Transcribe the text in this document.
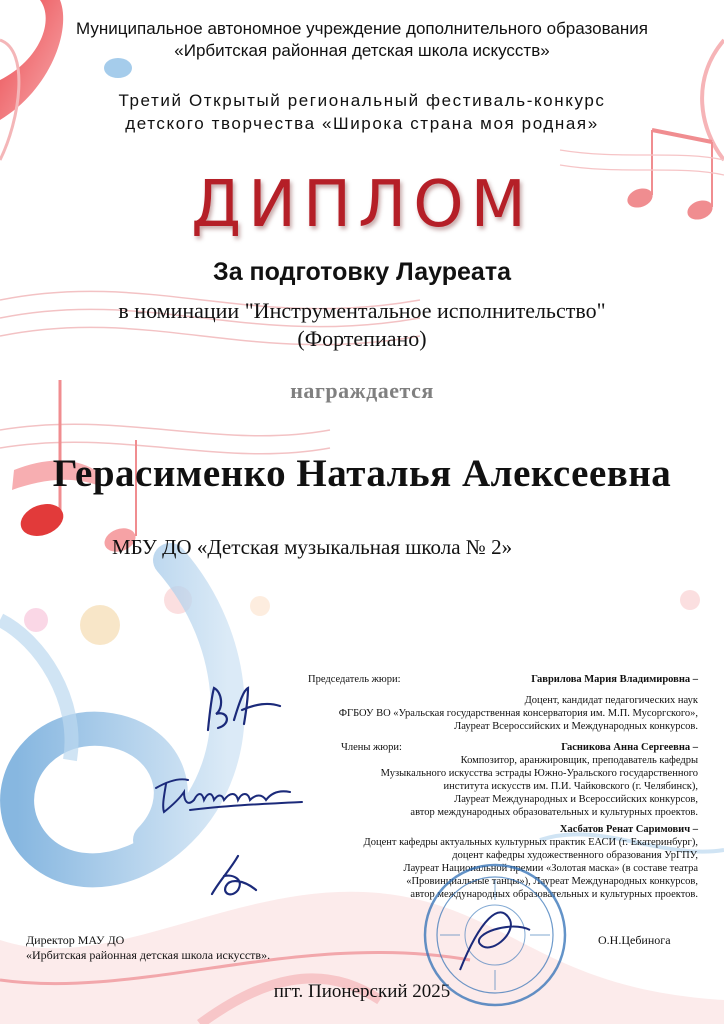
Муниципальное автономное учреждение дополнительного образования
«Ирбитская районная детская школа искусств»
Третий Открытый региональный фестиваль-конкурс
детского творчества «Широка страна моя родная»
ДИПЛОМ
За подготовку Лауреата
в номинации "Инструментальное исполнительство"
(Фортепиано)
награждается
Герасименко Наталья Алексеевна
МБУ ДО «Детская музыкальная школа № 2»
Председатель жюри:	Гаврилова Мария Владимировна –
Доцент, кандидат педагогических наук
ФГБОУ ВО «Уральская государственная консерватория им. М.П. Мусоргского»,
Лауреат Всероссийских и Международных конкурсов.
Члены жюри:	Гасникова Анна Сергеевна –
Композитор, аранжировщик, преподаватель кафедры
Музыкального искусства эстрады Южно-Уральского государственного
института искусств им. П.И. Чайковского (г. Челябинск),
Лауреат Международных и Всероссийских конкурсов,
автор международных образовательных и культурных проектов.
Хасбатов Ренат Саримович –
Доцент кафедры актуальных культурных практик ЕАСИ (г. Екатеринбург),
доцент кафедры художественного образования УрГПУ,
Лауреат Национальной премии «Золотая маска» (в составе театра
«Провинциальные танцы»), Лауреат Международных конкурсов,
автор международных образовательных и культурных проектов.
Директор МАУ ДО
«Ирбитская районная детская школа искусств».
О.Н.Цебинога
пгт. Пионерский 2025
